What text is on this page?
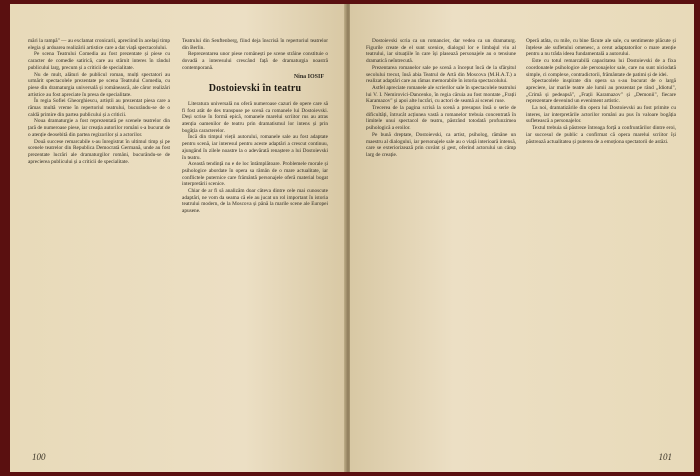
mări la rampă" — au exclamat cronicarii, apreciind în același timp elegia și ardoarea realizării artistice care a dat viață spectacolului.

Pe scena Teatrului Comedia au fost prezentate și piese cu caracter de comedie satirică, care au stârnit interes în rândul publicului larg, precum și a criticii de specialitate.

Nu de mult, alături de publicul roman, mulți spectatori au urmărit spectacolele prezentate pe scena Teatrului Comedia, cu piese din dramaturgia universală și românească, ale căror realizări artistice au fost apreciate în presa de specialitate.

În regia Sofiei Gheorghiescu, artiștii au prezentat piesa care a rămas multă vreme în repertoriul teatrului, bucurându-se de o caldă primire din partea publicului și a criticii.

Noua dramaturgie a fost reprezentată pe scenele teatrelor din țară de numeroase piese, iar creația autorilor români s-a bucurat de o atenție deosebită din partea regizorilor și a actorilor.

Două succese remarcabile s-au înregistrat în ultimul timp și pe scenele teatrelor din Republica Democrată Germană, unde au fost prezentate lucrări ale dramaturgilor români, bucurându-se de aprecierea publicului și a criticii de specialitate.

Teatrului din Senftenberg, fiind deja înscrisă în repertoriul teatrelor din Berlin.

Reprezentarea unor piese românești pe scene străine constituie o dovadă a interesului crescând față de dramaturgia noastră contemporană.

Nina IOSIF
Dostoievski în teatru

Literatura universală nu oferă numeroase cazuri de opere care să fi fost atât de des transpuse pe scenă ca romanele lui Dostoievski. Deși scrise în formă epică, romanele marelui scriitor rus au atras atenția oamenilor de teatru prin dramatismul lor intens și prin bogăția caracterelor.

Încă din timpul vieții autorului, romanele sale au fost adaptate pentru scenă, iar interesul pentru aceste adaptări a crescut continuu, ajungând în zilele noastre la o adevărată renaștere a lui Dostoievski în teatru.

Această tendință nu e de loc întâmplătoare. Problemele morale și psihologice abordate în opera sa rămân de o mare actualitate, iar conflictele puternice care frământă personajele oferă material bogat interpretării scenice.

Chiar de ar fi să analizăm doar câteva dintre cele mai cunoscute adaptări, ne vom da seama că ele au jucat un rol important în istoria teatrului modern, de la Moscova și până la marile scene ale Europei apusene.

100

Dostoievski scria ca un romancier, dar vedea ca un dramaturg. Figurile create de el sunt scenice, dialogul lor e limbajul viu al teatrului, iar situațiile în care își plasează personajele au o tensiune dramatică neîntrecută.

Prezentarea romanelor sale pe scenă a început încă de la sfârșitul secolului trecut, însă abia Teatrul de Artă din Moscova (M.H.A.T.) a realizat adaptări care au rămas memorabile în istoria spectacolului.

Astfel apreciate romanele ale scrierilor sale în spectacolele teatrului lui V. I. Nemirovici-Dancenko, în regia căruia au fost montate „Frații Karamazov" și apoi alte lucrări, cu actori de seamă ai scenei ruse.

Trecerea de la pagina scrisă la scenă a presupus însă o serie de dificultăți, întrucât acțiunea vastă a romanelor trebuia concentrată în limitele unui spectacol de teatru, păstrând totodată profunzimea psihologică a eroilor.

Pe bună dreptate, Dostoievski, ca artist, psiholog, rămâne un maestru al dialogului, iar personajele sale au o viață interioară intensă, care se exteriorizează prin cuvânt și gest, oferind actorului un câmp larg de creație.

Operă atâta, cu mile, cu bine făcute ale sale, cu sentimente plăcute și înțelese ale sufletului omenesc, a cerut adaptatorilor o mare atenție pentru a nu trăda ideea fundamentală a autorului.

Este cu totul remarcabilă capacitatea lui Dostoievski de a fixa coordonatele psihologice ale personajelor sale, care nu sunt niciodată simple, ci complexe, contradictorii, frământate de patimi și de idei.

Spectacolele inspirate din opera sa s-au bucurat de o largă apreciere, iar marile teatre ale lumii au prezentat pe rând „Idiotul", „Crimă și pedeapsă", „Frații Karamazov" și „Demonii", fiecare reprezentare devenind un eveniment artistic.

La noi, dramatizările din opera lui Dostoievski au fost primite cu interes, iar interpretările actorilor români au pus în valoare bogăția sufletească a personajelor.

Textul trebuia să păstreze întreaga forță a confruntărilor dintre eroi, iar succesul de public a confirmat că opera marelui scriitor își păstrează actualitatea și puterea de a emoționa spectatorii de astăzi.

101
